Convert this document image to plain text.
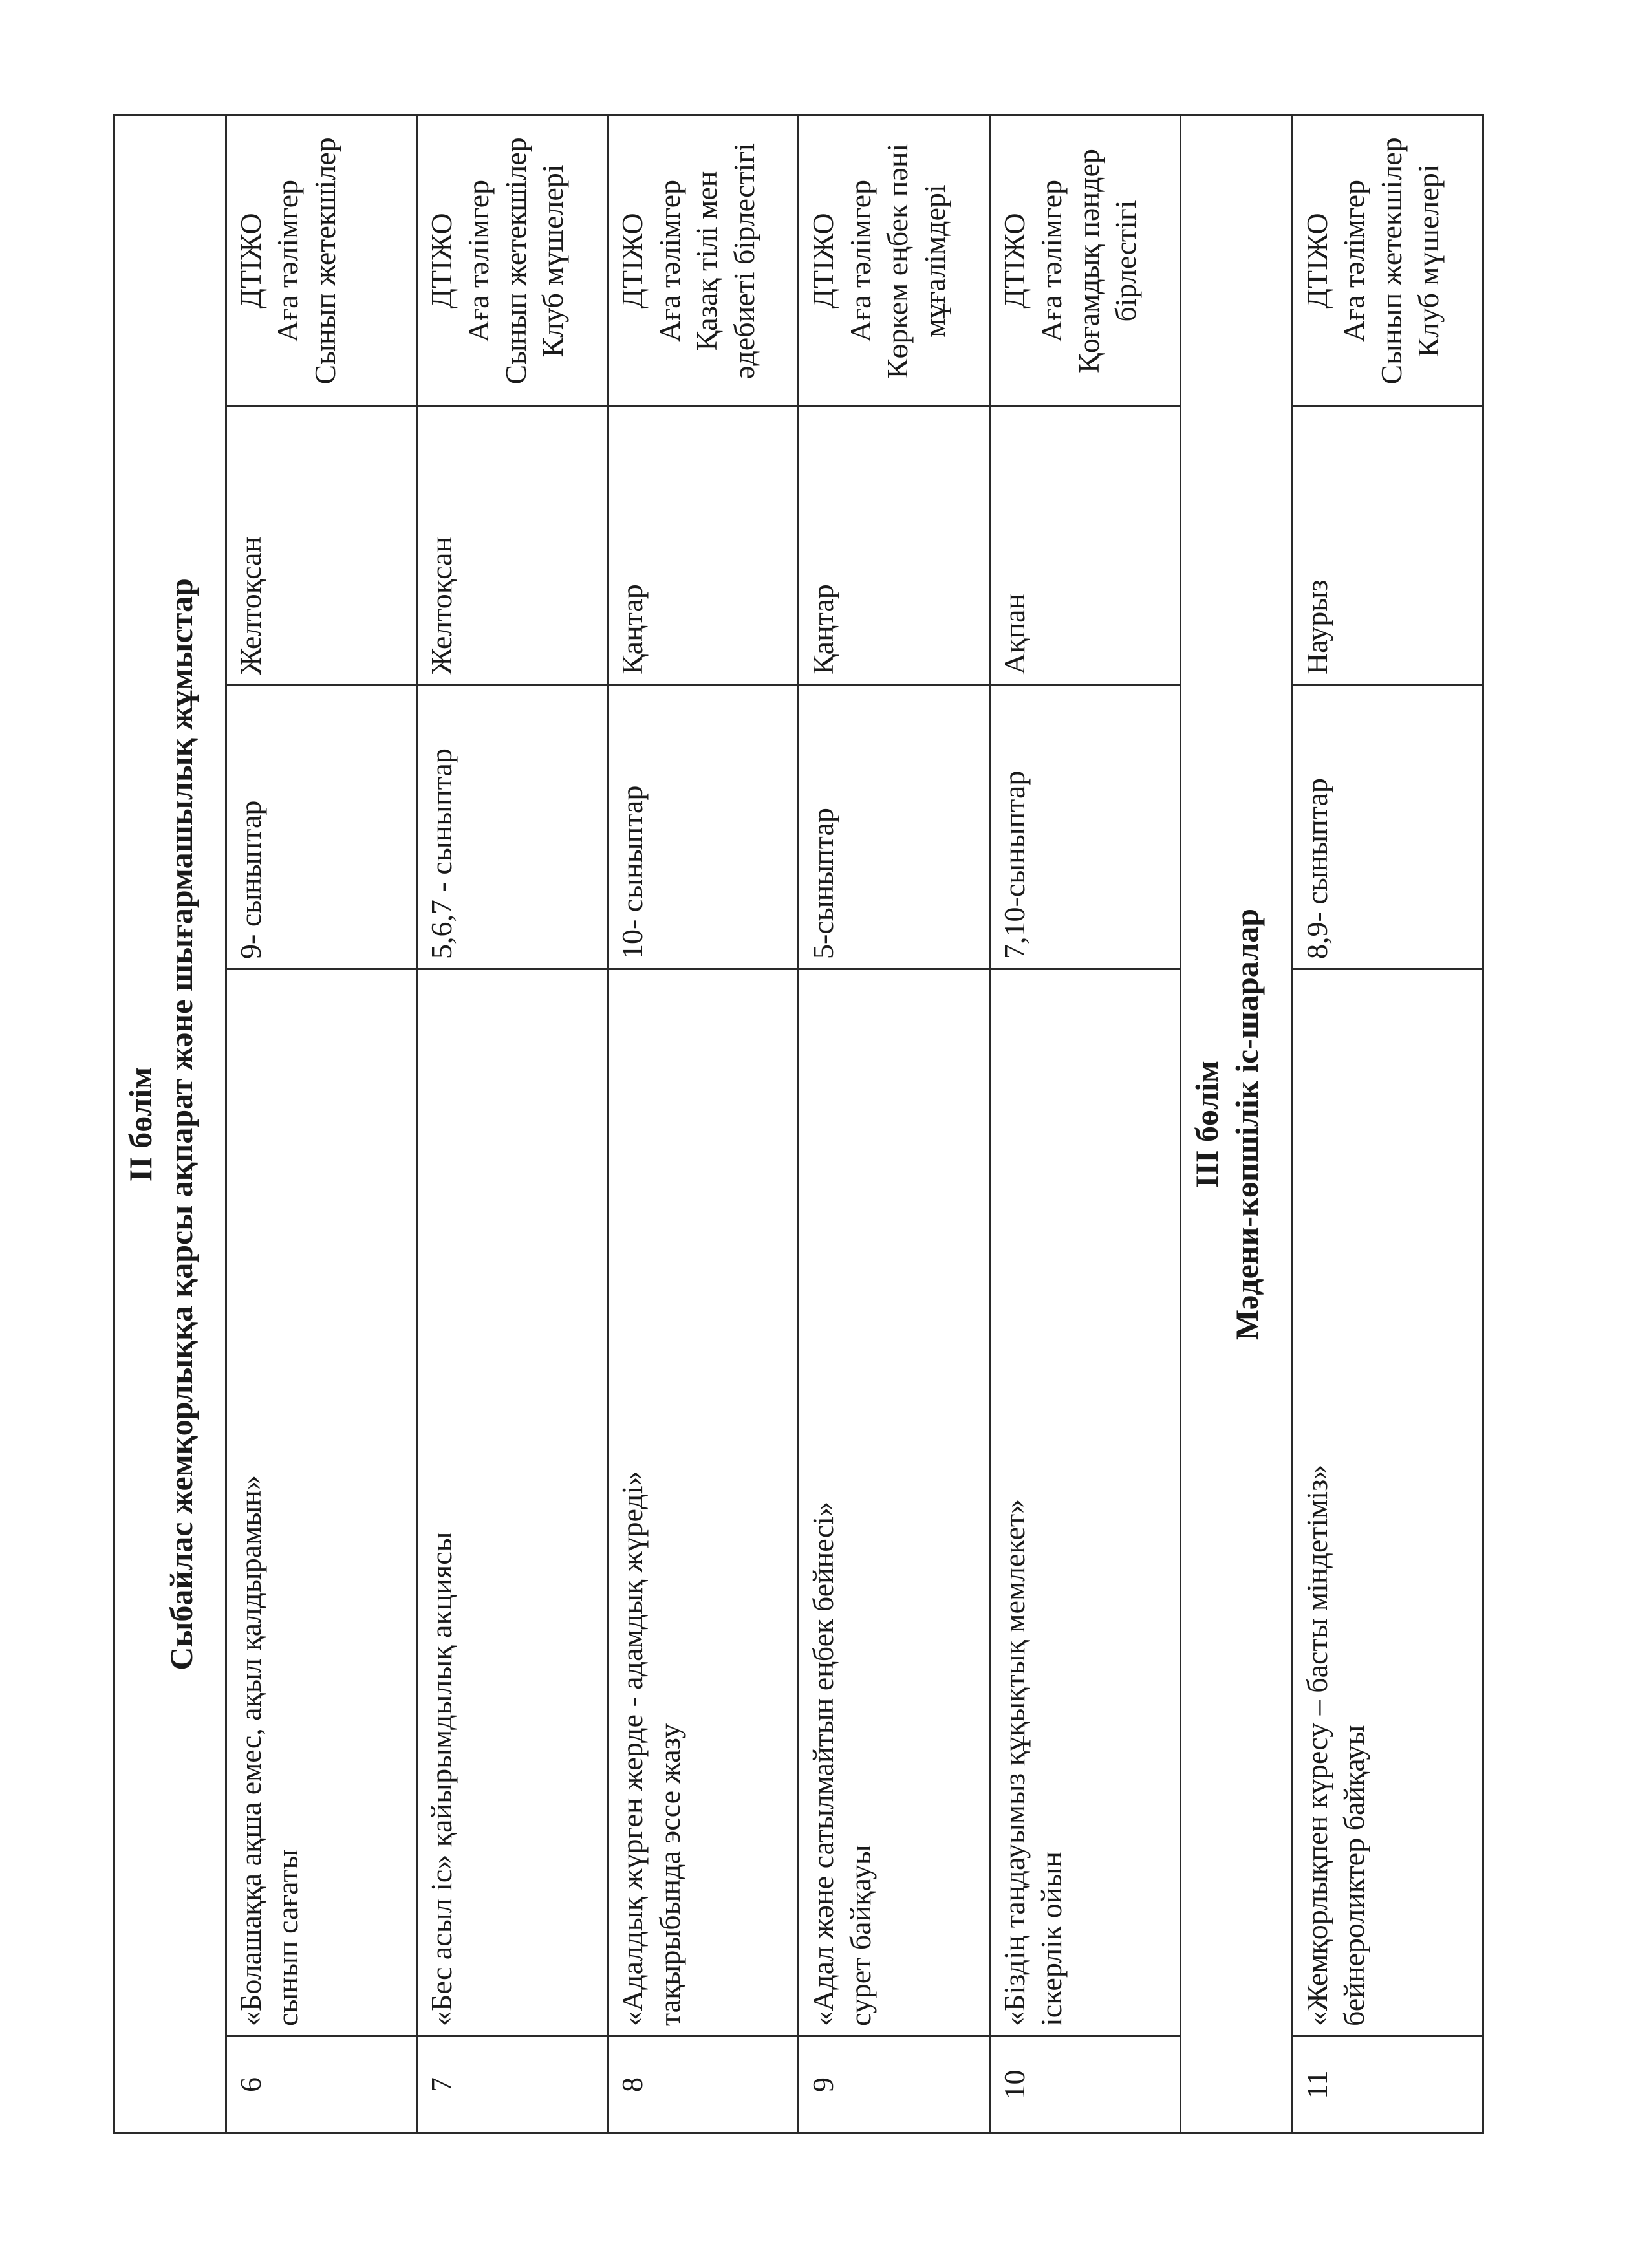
II бөлім Сыбайлас жемқорлыққа қарсы ақпарат және шығармашылық жұмыстар				

6	«Болашаққа ақша емес, ақыл қалдырамын» сынып сағаты	9- сыныптар	Желтоқсан	ДТІЖО Аға тәлімгер Сынып жетекшілер

7	«Бес асыл іс» қайырымдылық акциясы	5,6,7 - сыныптар	Желтоқсан	ДТІЖО Аға тәлімгер Сынып жетекшілер Клуб мүшелері

8	«Адалдық жүрген жерде - адамдық жүреді» тақырыбында эссе жазу	10- сыныптар	Қаңтар	ДТІЖО Аға тәлімгер Қазақ тілі мен әдебиеті бірлестігі

9	«Адал және сатылмайтын еңбек бейнесі» сурет байқауы	5-сыныптар	Қаңтар	ДТІЖО Аға тәлімгер Көркем еңбек пәні мұғалімдері

10	«Біздің таңдауымыз құқықтық мемлекет» іскерлік ойын	7,10-сыныптар	Ақпан	ДТІЖО Аға тәлімгер Қоғамдық пәндер бірлестігі

III бөлім Мәдени-көпшілік іс-шаралар				

11	«Жемқорлықпен күресу – басты міндетіміз» бейнероликтер байқауы	8,9- сыныптар	Наурыз	ДТІЖО Аға тәлімгер Сынып жетекшілер Клуб мүшелері
